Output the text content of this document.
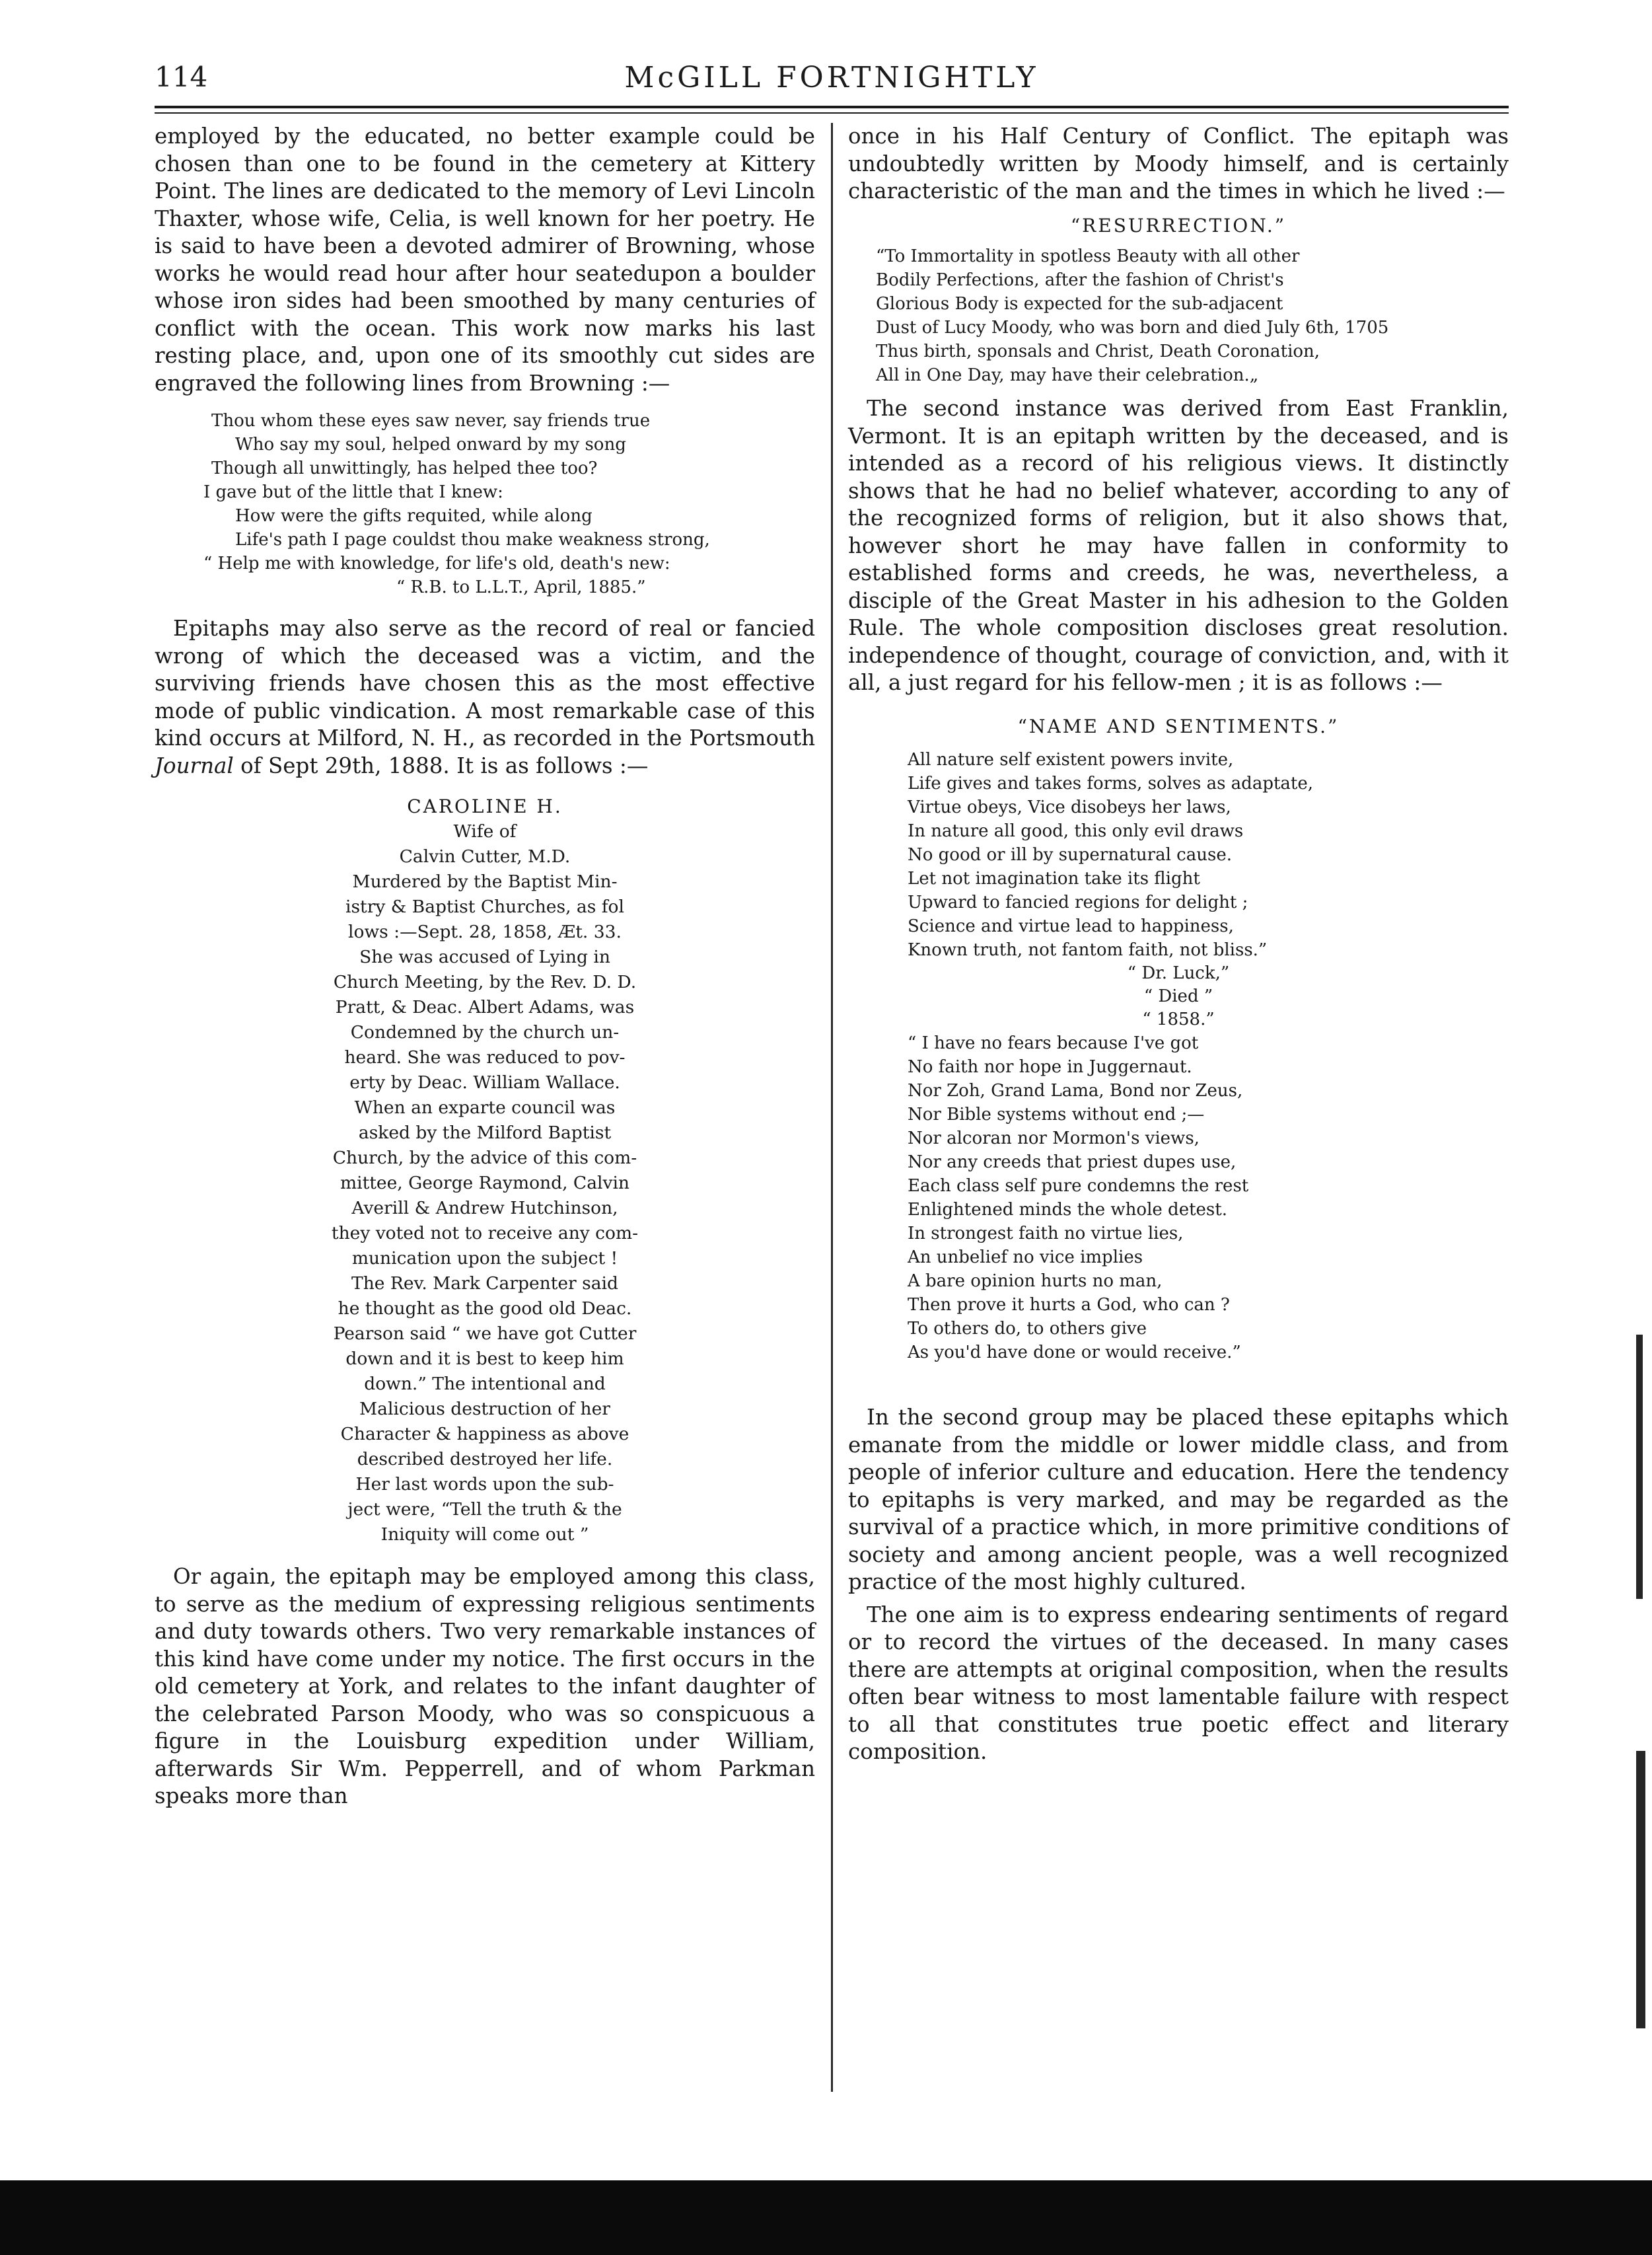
114	McGILL FORTNIGHTLY

employed by the educated, no better example could be chosen than one to be found in the cemetery at Kittery Point. The lines are dedicated to the memory of Levi Lincoln Thaxter, whose wife, Celia, is well known for her poetry. He is said to have been a devoted admirer of Browning, whose works he would read hour after hour seatedupon a boulder whose iron sides had been smoothed by many centuries of conflict with the ocean. This work now marks his last resting place, and, upon one of its smoothly cut sides are engraved the following lines from Browning :—

Thou whom these eyes saw never, say friends true
Who say my soul, helped onward by my song
Though all unwittingly, has helped thee too?
I gave but of the little that I knew:
How were the gifts requited, while along
Life's path I page couldst thou make weakness strong,
“ Help me with knowledge, for life's old, death's new:
“ R.B. to L.L.T., April, 1885.”

Epitaphs may also serve as the record of real or fancied wrong of which the deceased was a victim, and the surviving friends have chosen this as the most effective mode of public vindication. A most remarkable case of this kind occurs at Milford, N. H., as recorded in the Portsmouth Journal of Sept 29th, 1888. It is as follows :—

CAROLINE H.
Wife of
Calvin Cutter, M.D.
Murdered by the Baptist Min-
istry & Baptist Churches, as fol
lows :—Sept. 28, 1858, Æt. 33.
She was accused of Lying in
Church Meeting, by the Rev. D. D.
Pratt, & Deac. Albert Adams, was
Condemned by the church un-
heard. She was reduced to pov-
erty by Deac. William Wallace.
When an exparte council was
asked by the Milford Baptist
Church, by the advice of this com-
mittee, George Raymond, Calvin
Averill & Andrew Hutchinson,
they voted not to receive any com-
munication upon the subject !
The Rev. Mark Carpenter said
he thought as the good old Deac.
Pearson said “ we have got Cutter
down and it is best to keep him
down.” The intentional and
Malicious destruction of her
Character & happiness as above
described destroyed her life.
Her last words upon the sub-
ject were, “Tell the truth & the
Iniquity will come out ”

Or again, the epitaph may be employed among this class, to serve as the medium of expressing religious sentiments and duty towards others. Two very remarkable instances of this kind have come under my notice. The first occurs in the old cemetery at York, and relates to the infant daughter of the celebrated Parson Moody, who was so conspicuous a figure in the Louisburg expedition under William, afterwards Sir Wm. Pepperrell, and of whom Parkman speaks more than

once in his Half Century of Conflict. The epitaph was undoubtedly written by Moody himself, and is certainly characteristic of the man and the times in which he lived :—

“RESURRECTION.”
“To Immortality in spotless Beauty with all other
Bodily Perfections, after the fashion of Christ's
Glorious Body is expected for the sub-adjacent
Dust of Lucy Moody, who was born and died July 6th, 1705
Thus birth, sponsals and Christ, Death Coronation,
All in One Day, may have their celebration.„

The second instance was derived from East Franklin, Vermont. It is an epitaph written by the deceased, and is intended as a record of his religious views. It distinctly shows that he had no belief whatever, according to any of the recognized forms of religion, but it also shows that, however short he may have fallen in conformity to established forms and creeds, he was, nevertheless, a disciple of the Great Master in his adhesion to the Golden Rule. The whole composition discloses great resolution. independence of thought, courage of conviction, and, with it all, a just regard for his fellow-men ; it is as follows :—

“NAME AND SENTIMENTS.”
All nature self existent powers invite,
Life gives and takes forms, solves as adaptate,
Virtue obeys, Vice disobeys her laws,
In nature all good, this only evil draws
No good or ill by supernatural cause.
Let not imagination take its flight
Upward to fancied regions for delight ;
Science and virtue lead to happiness,
Known truth, not fantom faith, not bliss.”
“ Dr. Luck,”
“ Died ”
“ 1858.”
“ I have no fears because I've got
No faith nor hope in Juggernaut.
Nor Zoh, Grand Lama, Bond nor Zeus,
Nor Bible systems without end ;—
Nor alcoran nor Mormon's views,
Nor any creeds that priest dupes use,
Each class self pure condemns the rest
Enlightened minds the whole detest.
In strongest faith no virtue lies,
An unbelief no vice implies
A bare opinion hurts no man,
Then prove it hurts a God, who can ?
To others do, to others give
As you'd have done or would receive.”

In the second group may be placed these epitaphs which emanate from the middle or lower middle class, and from people of inferior culture and education. Here the tendency to epitaphs is very marked, and may be regarded as the survival of a practice which, in more primitive conditions of society and among ancient people, was a well recognized practice of the most highly cultured.

The one aim is to express endearing sentiments of regard or to record the virtues of the deceased. In many cases there are attempts at original composition, when the results often bear witness to most lamentable failure with respect to all that constitutes true poetic effect and literary composition.
